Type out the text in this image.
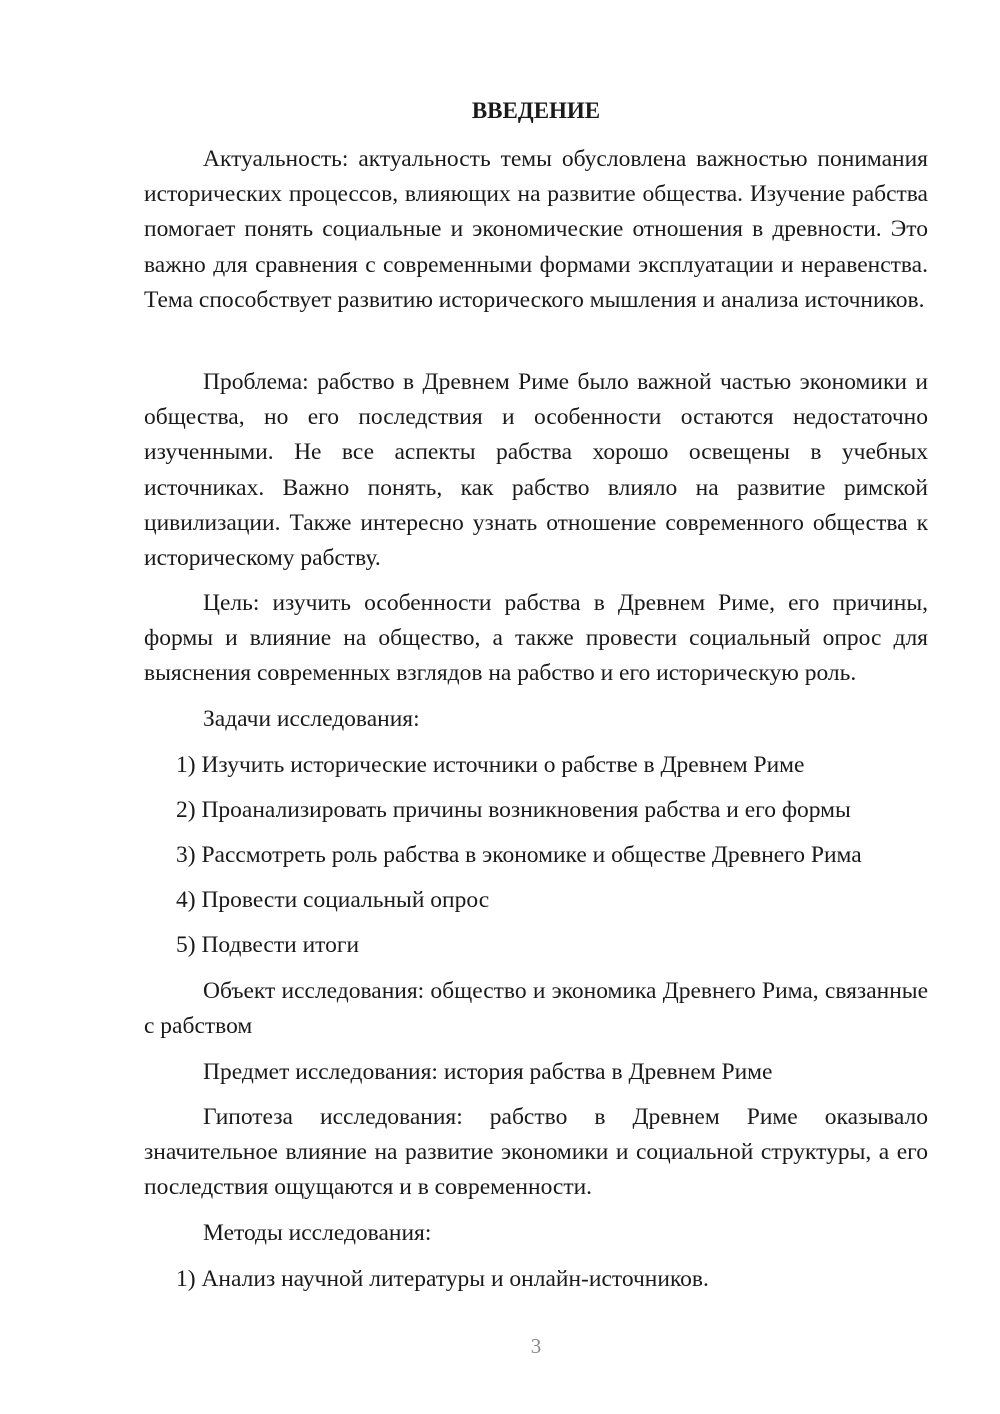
ВВЕДЕНИЕ

Актуальность: актуальность темы обусловлена важностью понимания исторических процессов, влияющих на развитие общества. Изучение рабства помогает понять социальные и экономические отношения в древности. Это важно для сравнения с современными формами эксплуатации и неравенства. Тема способствует развитию исторического мышления и анализа источников.

Проблема: рабство в Древнем Риме было важной частью экономики и общества, но его последствия и особенности остаются недостаточно изученными. Не все аспекты рабства хорошо освещены в учебных источниках. Важно понять, как рабство влияло на развитие римской цивилизации. Также интересно узнать отношение современного общества к историческому рабству.

Цель: изучить особенности рабства в Древнем Риме, его причины, формы и влияние на общество, а также провести социальный опрос для выяснения современных взглядов на рабство и его историческую роль.

Задачи исследования:

1) Изучить исторические источники о рабстве в Древнем Риме

2) Проанализировать причины возникновения рабства и его формы

3) Рассмотреть роль рабства в экономике и обществе Древнего Рима

4) Провести социальный опрос

5) Подвести итоги

Объект исследования: общество и экономика Древнего Рима, связанные с рабством

Предмет исследования: история рабства в Древнем Риме

Гипотеза исследования: рабство в Древнем Риме оказывало значительное влияние на развитие экономики и социальной структуры, а его последствия ощущаются и в современности.

Методы исследования:

1) Анализ научной литературы и онлайн-источников.

3
